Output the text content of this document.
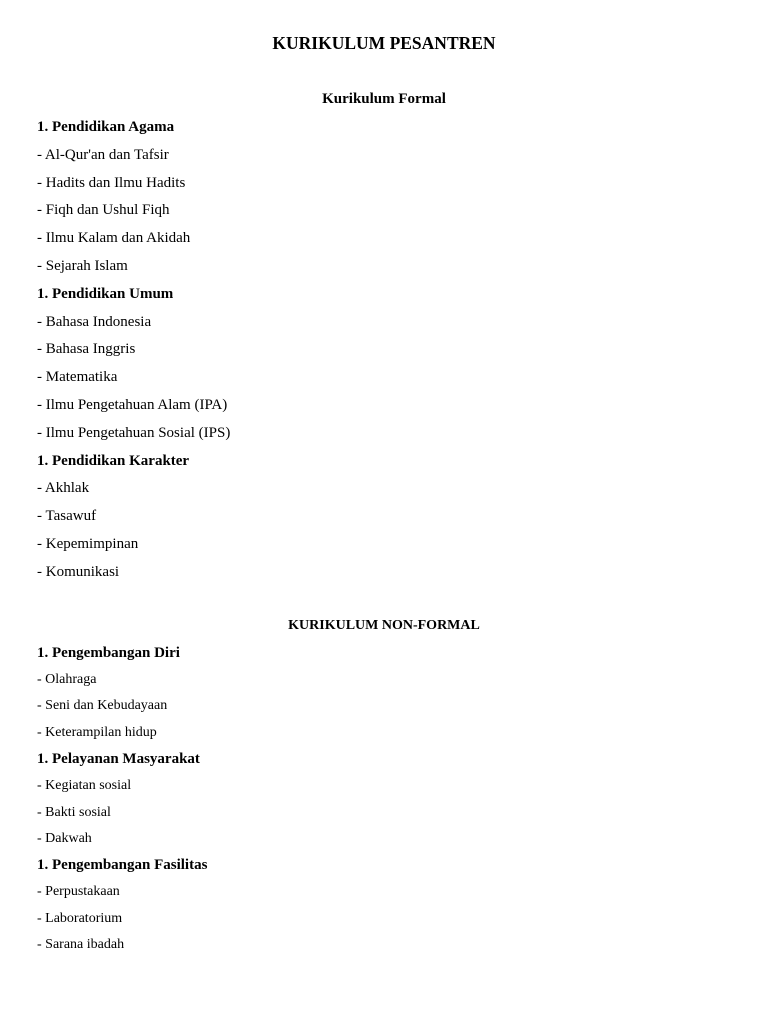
KURIKULUM PESANTREN
Kurikulum Formal
1. Pendidikan Agama
- Al-Qur'an dan Tafsir
- Hadits dan Ilmu Hadits
- Fiqh dan Ushul Fiqh
- Ilmu Kalam dan Akidah
- Sejarah Islam
1. Pendidikan Umum
- Bahasa Indonesia
- Bahasa Inggris
- Matematika
- Ilmu Pengetahuan Alam (IPA)
- Ilmu Pengetahuan Sosial (IPS)
1. Pendidikan Karakter
- Akhlak
- Tasawuf
- Kepemimpinan
- Komunikasi
KURIKULUM NON-FORMAL
1. Pengembangan Diri
- Olahraga
- Seni dan Kebudayaan
- Keterampilan hidup
1. Pelayanan Masyarakat
- Kegiatan sosial
- Bakti sosial
- Dakwah
1. Pengembangan Fasilitas
- Perpustakaan
- Laboratorium
- Sarana ibadah
